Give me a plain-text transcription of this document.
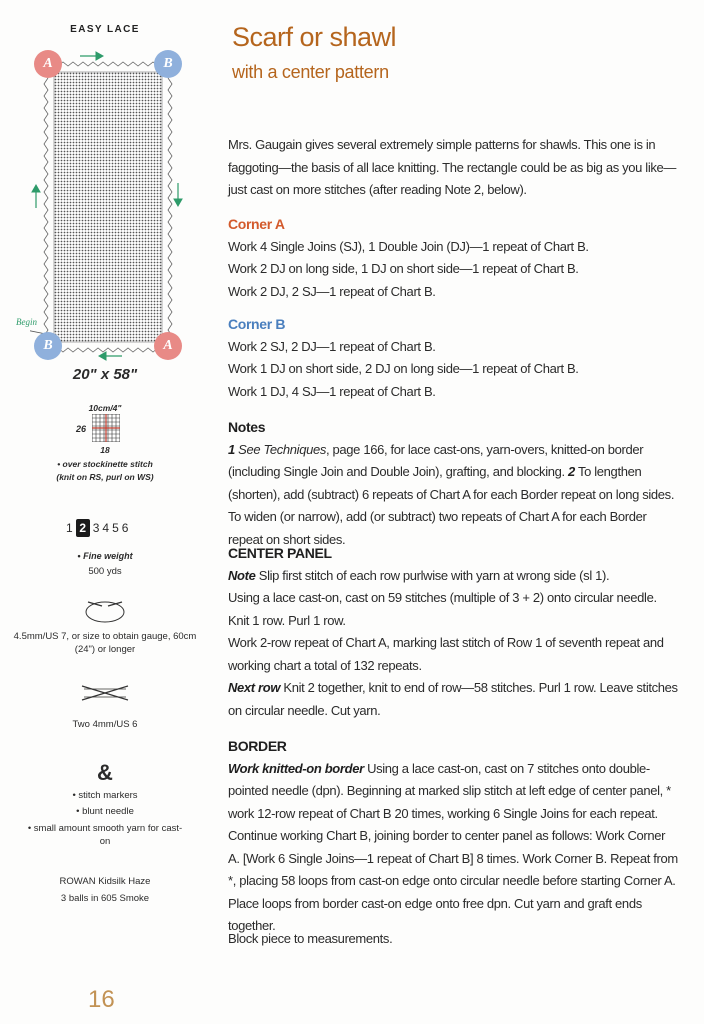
EASY LACE
A	B
B	A
Begin
20" x 58"
10cm/4"
26
18
• over stockinette stitch
(knit on RS, purl on WS)
1 2 3 4 5 6
• Fine weight
500 yds
4.5mm/US 7, or size to obtain gauge, 60cm (24") or longer
Two 4mm/US 6
&
• stitch markers
• blunt needle
• small amount smooth yarn for cast-on
ROWAN Kidsilk Haze
3 balls in 605 Smoke
16
Scarf or shawl
with a center pattern

Mrs. Gaugain gives several extremely simple patterns for shawls. This one is in faggoting—the basis of all lace knitting. The rectangle could be as big as you like—just cast on more stitches (after reading Note 2, below).

Corner A

Work 4 Single Joins (SJ), 1 Double Join (DJ)—1 repeat of Chart B.

Work 2 DJ on long side, 1 DJ on short side—1 repeat of Chart B.

Work 2 DJ, 2 SJ—1 repeat of Chart B.

Corner B

Work 2 SJ, 2 DJ—1 repeat of Chart B.

Work 1 DJ on short side, 2 DJ on long side—1 repeat of Chart B.

Work 1 DJ, 4 SJ—1 repeat of Chart B.

Notes

1 See Techniques, page 166, for lace cast-ons, yarn-overs, knitted-on border (including Single Join and Double Join), grafting, and blocking. 2 To lengthen (shorten), add (subtract) 6 repeats of Chart A for each Border repeat on long sides. To widen (or narrow), add (or subtract) two repeats of Chart A for each Border repeat on short sides.

CENTER PANEL

Note Slip first stitch of each row purlwise with yarn at wrong side (sl 1).

Using a lace cast-on, cast on 59 stitches (multiple of 3 + 2) onto circular needle. Knit 1 row. Purl 1 row.

Work 2-row repeat of Chart A, marking last stitch of Row 1 of seventh repeat and working chart a total of 132 repeats.

Next row Knit 2 together, knit to end of row—58 stitches. Purl 1 row. Leave stitches on circular needle. Cut yarn.

BORDER

Work knitted-on border Using a lace cast-on, cast on 7 stitches onto double-pointed needle (dpn). Beginning at marked slip stitch at left edge of center panel, * work 12-row repeat of Chart B 20 times, working 6 Single Joins for each repeat.

Continue working Chart B, joining border to center panel as follows: Work Corner A. [Work 6 Single Joins—1 repeat of Chart B] 8 times. Work Corner B. Repeat from *, placing 58 loops from cast-on edge onto circular needle before starting Corner A. Place loops from border cast-on edge onto free dpn. Cut yarn and graft ends together.

Block piece to measurements.
